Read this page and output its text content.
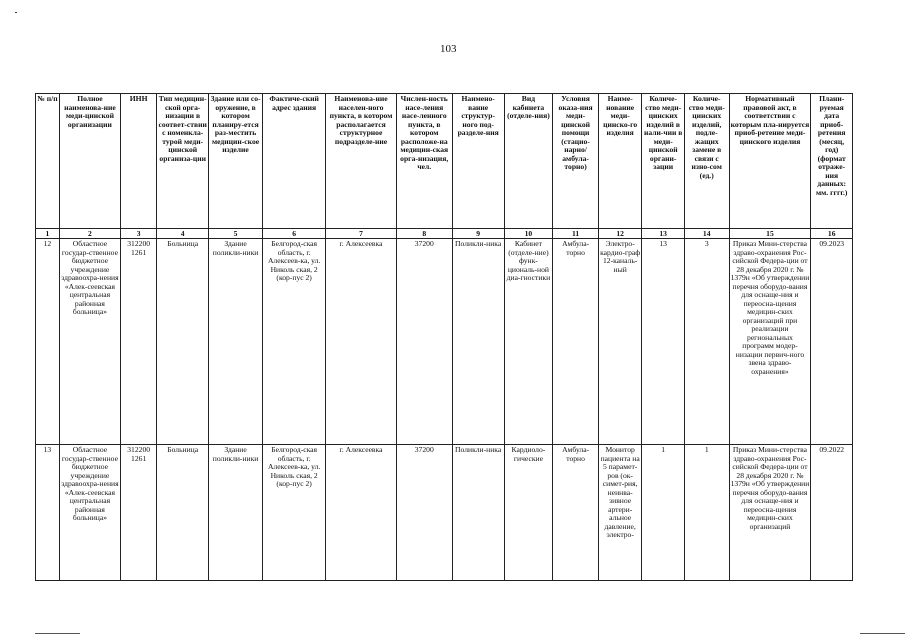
103
№ п/п	Полное наименова-ние меди-цинской организации	ИНН	Тип медицин-ской орга-низации в соответ-ствии с номенкла-турой меди-цинской организа-ции	Здание или со-оружение, в котором планиру-ется раз-местить медицин-ское изделие	Фактиче-ский адрес здания	Наименова-ние населен-ного пункта, в котором располагается структурное подразделе-ние	Числен-ность насе-ления насе-ленного пункта, в котором расположе-на медицин-ская орга-низация, чел.	Наимено-вание структур-ного под-разделе-ния	Вид кабинета (отделе-ния)	Условия оказа-ния меди-цинской помощи (стацио-нарно/ амбула-торно)	Наиме-нование меди-цинско-го изделия	Количе-ство меди-цинских изделий в нали-чии в меди-цинской органи-зации	Количе-ство меди-цинских изделий, подле-жащих замене в связи с изно-сом (ед.)	Нормативный правовой акт, в соответствии с которым пла-нируется приоб-ретение меди-цинского изделия	Плани-руемая дата приоб-ретения (месяц, год) (формат отраже-ния данных: мм. гггг.)
1	2	3	4	5	6	7	8	9	10	11	12	13	14	15	16
12	Областное государ-ственное бюджетное учреждение здравоохра-нения «Алек-сеевская центральная районная больница»	312200 1261	Больница	Здание поликли-ники	Белгород-ская область, г. Алексеев-ка, ул. Николь ская, 2 (кор-пус 2)	г. Алексеевка	37200	Поликли-ника	Кабинет (отделе-ние) функ-циональ-ной диа-гностики	Амбула-торно	Электро-кардио-граф 12-каналь-ный	13	3	Приказ Мини-стерства здраво-охранения Рос-сийской Федера-ции от 28 декабря 2020 г. № 1379н «Об утверждении перечня оборудо-вания для оснаще-ния и переосна-щения медицин-ских организаций при реализации региональных программ модер-низации первич-ного звена здраво-охранения»	09.2023
13	Областное государ-ственное бюджетное учреждение здравоохра-нения «Алек-сеевская центральная районная больница»	312200 1261	Больница	Здание поликли-ники	Белгород-ская область, г. Алексеев-ка, ул. Николь ская, 2 (кор-пус 2)	г. Алексеевка	37200	Поликли-ника	Кардиоло-гические	Амбула-торно	Монитор пациента на 5 парамет-ров (ок-симет-рия, неинва-зивное артери-альное давление, электро-	1	1	Приказ Мини-стерства здраво-охранения Рос-сийской Федера-ции от 28 декабря 2020 г. № 1379н «Об утверждении перечня оборудо-вания для оснаще-ния и переосна-щения медицин-ских организаций	09.2022
